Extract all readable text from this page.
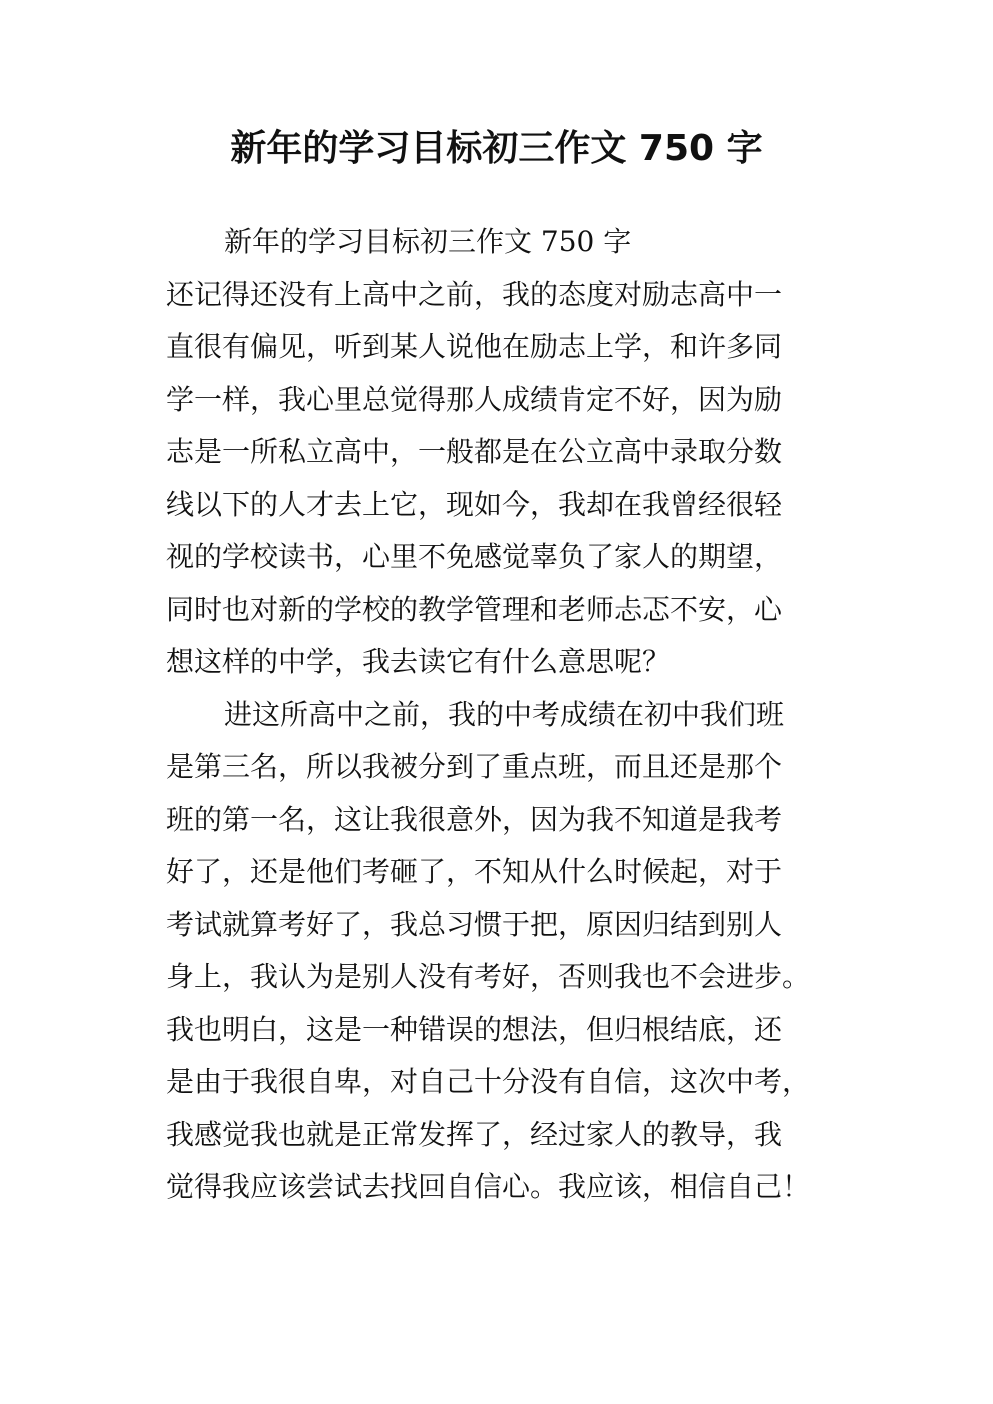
新年的学习目标初三作文 750 字
新年的学习目标初三作文 750 字
还记得还没有上高中之前，我的态度对励志高中一
直很有偏见，听到某人说他在励志上学，和许多同
学一样，我心里总觉得那人成绩肯定不好，因为励
志是一所私立高中，一般都是在公立高中录取分数
线以下的人才去上它，现如今，我却在我曾经很轻
视的学校读书，心里不免感觉辜负了家人的期望，
同时也对新的学校的教学管理和老师忐忑不安，心
想这样的中学，我去读它有什么意思呢？
进这所高中之前，我的中考成绩在初中我们班
是第三名，所以我被分到了重点班，而且还是那个
班的第一名，这让我很意外，因为我不知道是我考
好了，还是他们考砸了，不知从什么时候起，对于
考试就算考好了，我总习惯于把，原因归结到别人
身上，我认为是别人没有考好，否则我也不会进步。
我也明白，这是一种错误的想法，但归根结底，还
是由于我很自卑，对自己十分没有自信，这次中考，
我感觉我也就是正常发挥了，经过家人的教导，我
觉得我应该尝试去找回自信心。我应该，相信自己！
